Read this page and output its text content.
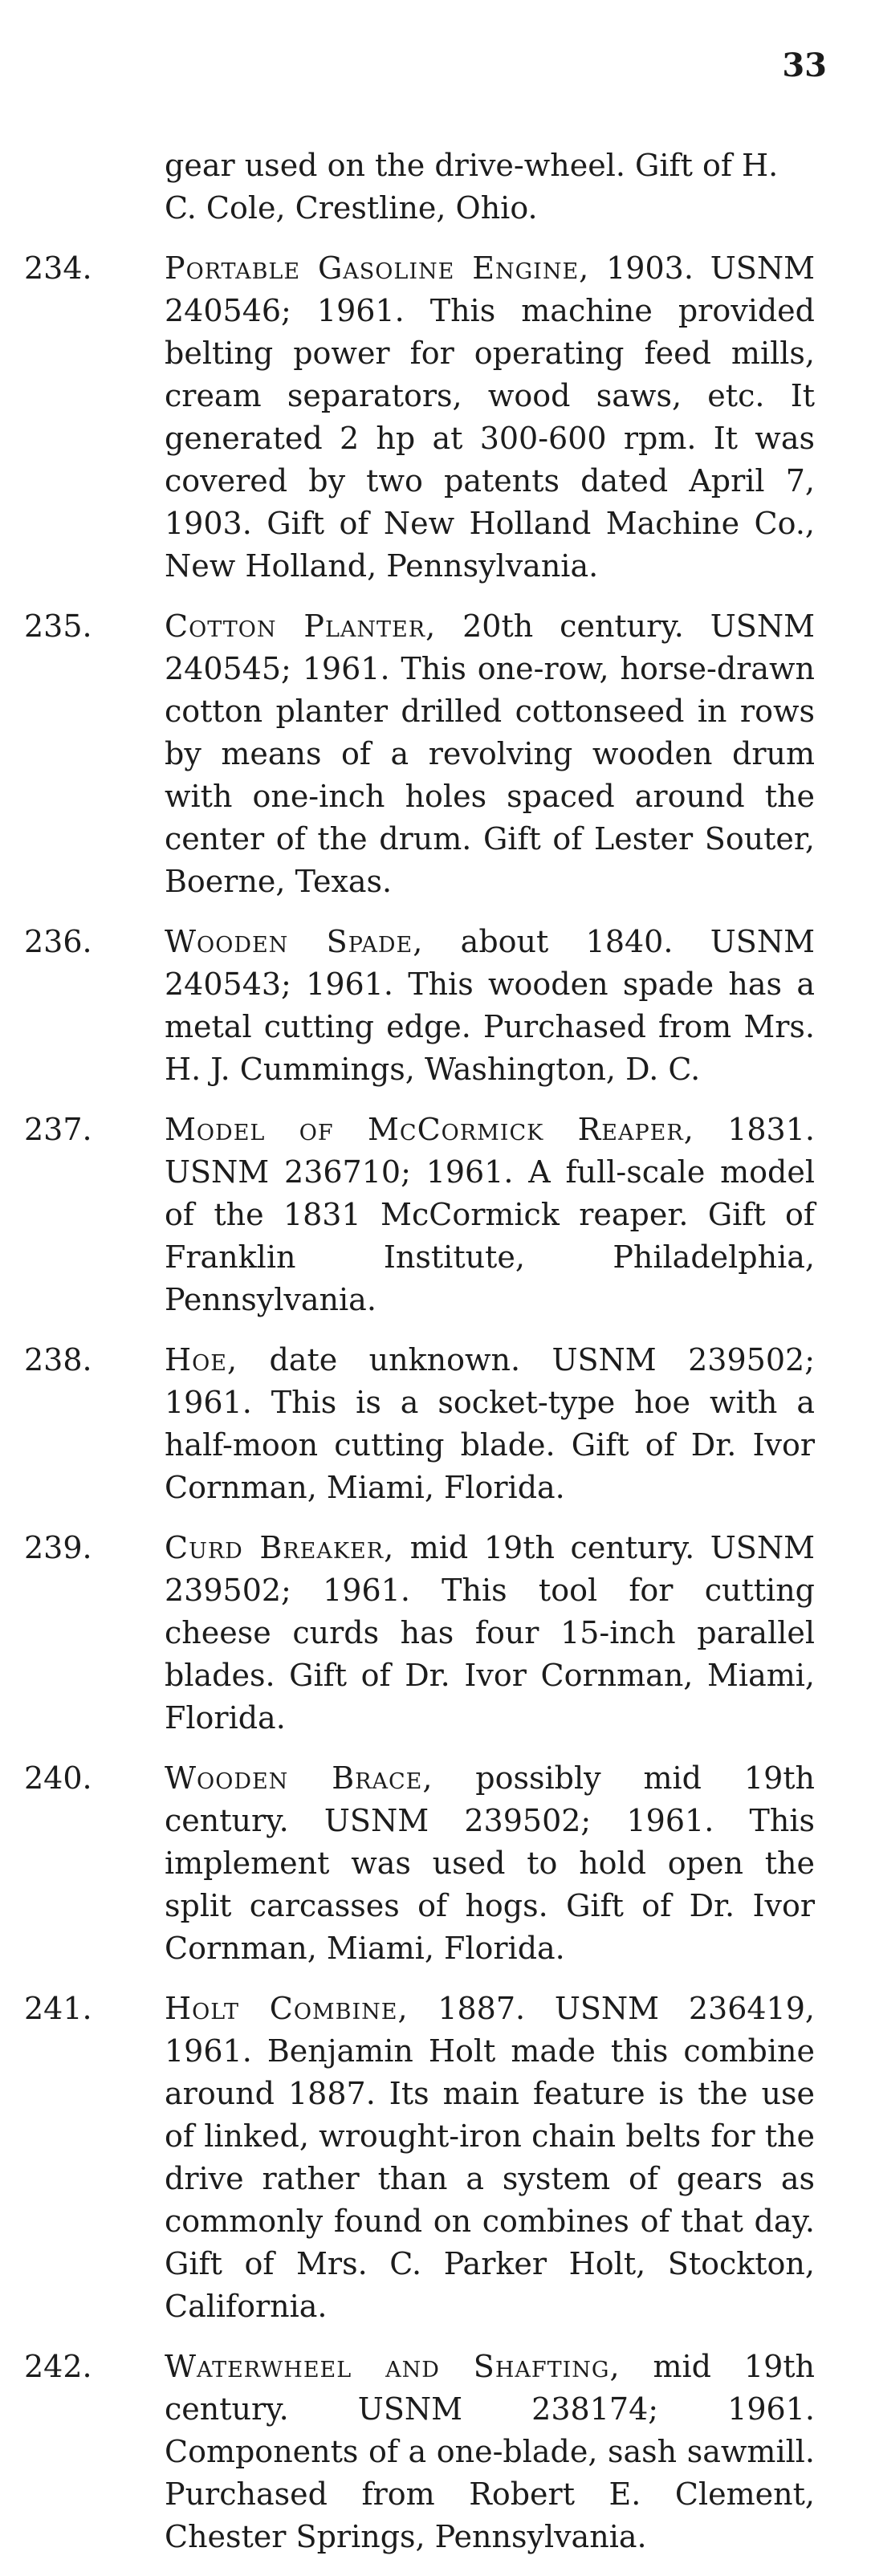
33

gear used on the drive-wheel. Gift of H. C. Cole, Crestline, Ohio.

234. Portable Gasoline Engine, 1903. USNM 240546; 1961. This machine provided belting power for operating feed mills, cream separators, wood saws, etc. It generated 2 hp at 300-600 rpm. It was covered by two patents dated April 7, 1903. Gift of New Holland Machine Co., New Holland, Pennsylvania.
235. Cotton Planter, 20th century. USNM 240545; 1961. This one-row, horse-drawn cotton planter drilled cottonseed in rows by means of a revolving wooden drum with one-inch holes spaced around the center of the drum. Gift of Lester Souter, Boerne, Texas.
236. Wooden Spade, about 1840. USNM 240543; 1961. This wooden spade has a metal cutting edge. Purchased from Mrs. H. J. Cummings, Washington, D. C.
237. Model of McCormick Reaper, 1831. USNM 236710; 1961. A full-scale model of the 1831 McCormick reaper. Gift of Franklin Institute, Philadelphia, Pennsylvania.
238. Hoe, date unknown. USNM 239502; 1961. This is a socket-type hoe with a half-moon cutting blade. Gift of Dr. Ivor Cornman, Miami, Florida.
239. Curd Breaker, mid 19th century. USNM 239502; 1961. This tool for cutting cheese curds has four 15-inch parallel blades. Gift of Dr. Ivor Cornman, Miami, Florida.
240. Wooden Brace, possibly mid 19th century. USNM 239502; 1961. This implement was used to hold open the split carcasses of hogs. Gift of Dr. Ivor Cornman, Miami, Florida.
241. Holt Combine, 1887. USNM 236419, 1961. Benjamin Holt made this combine around 1887. Its main feature is the use of linked, wrought-iron chain belts for the drive rather than a system of gears as commonly found on combines of that day. Gift of Mrs. C. Parker Holt, Stockton, California.
242. Waterwheel and Shafting, mid 19th century. USNM 238174; 1961. Components of a one-blade, sash sawmill. Purchased from Robert E. Clement, Chester Springs, Pennsylvania.
